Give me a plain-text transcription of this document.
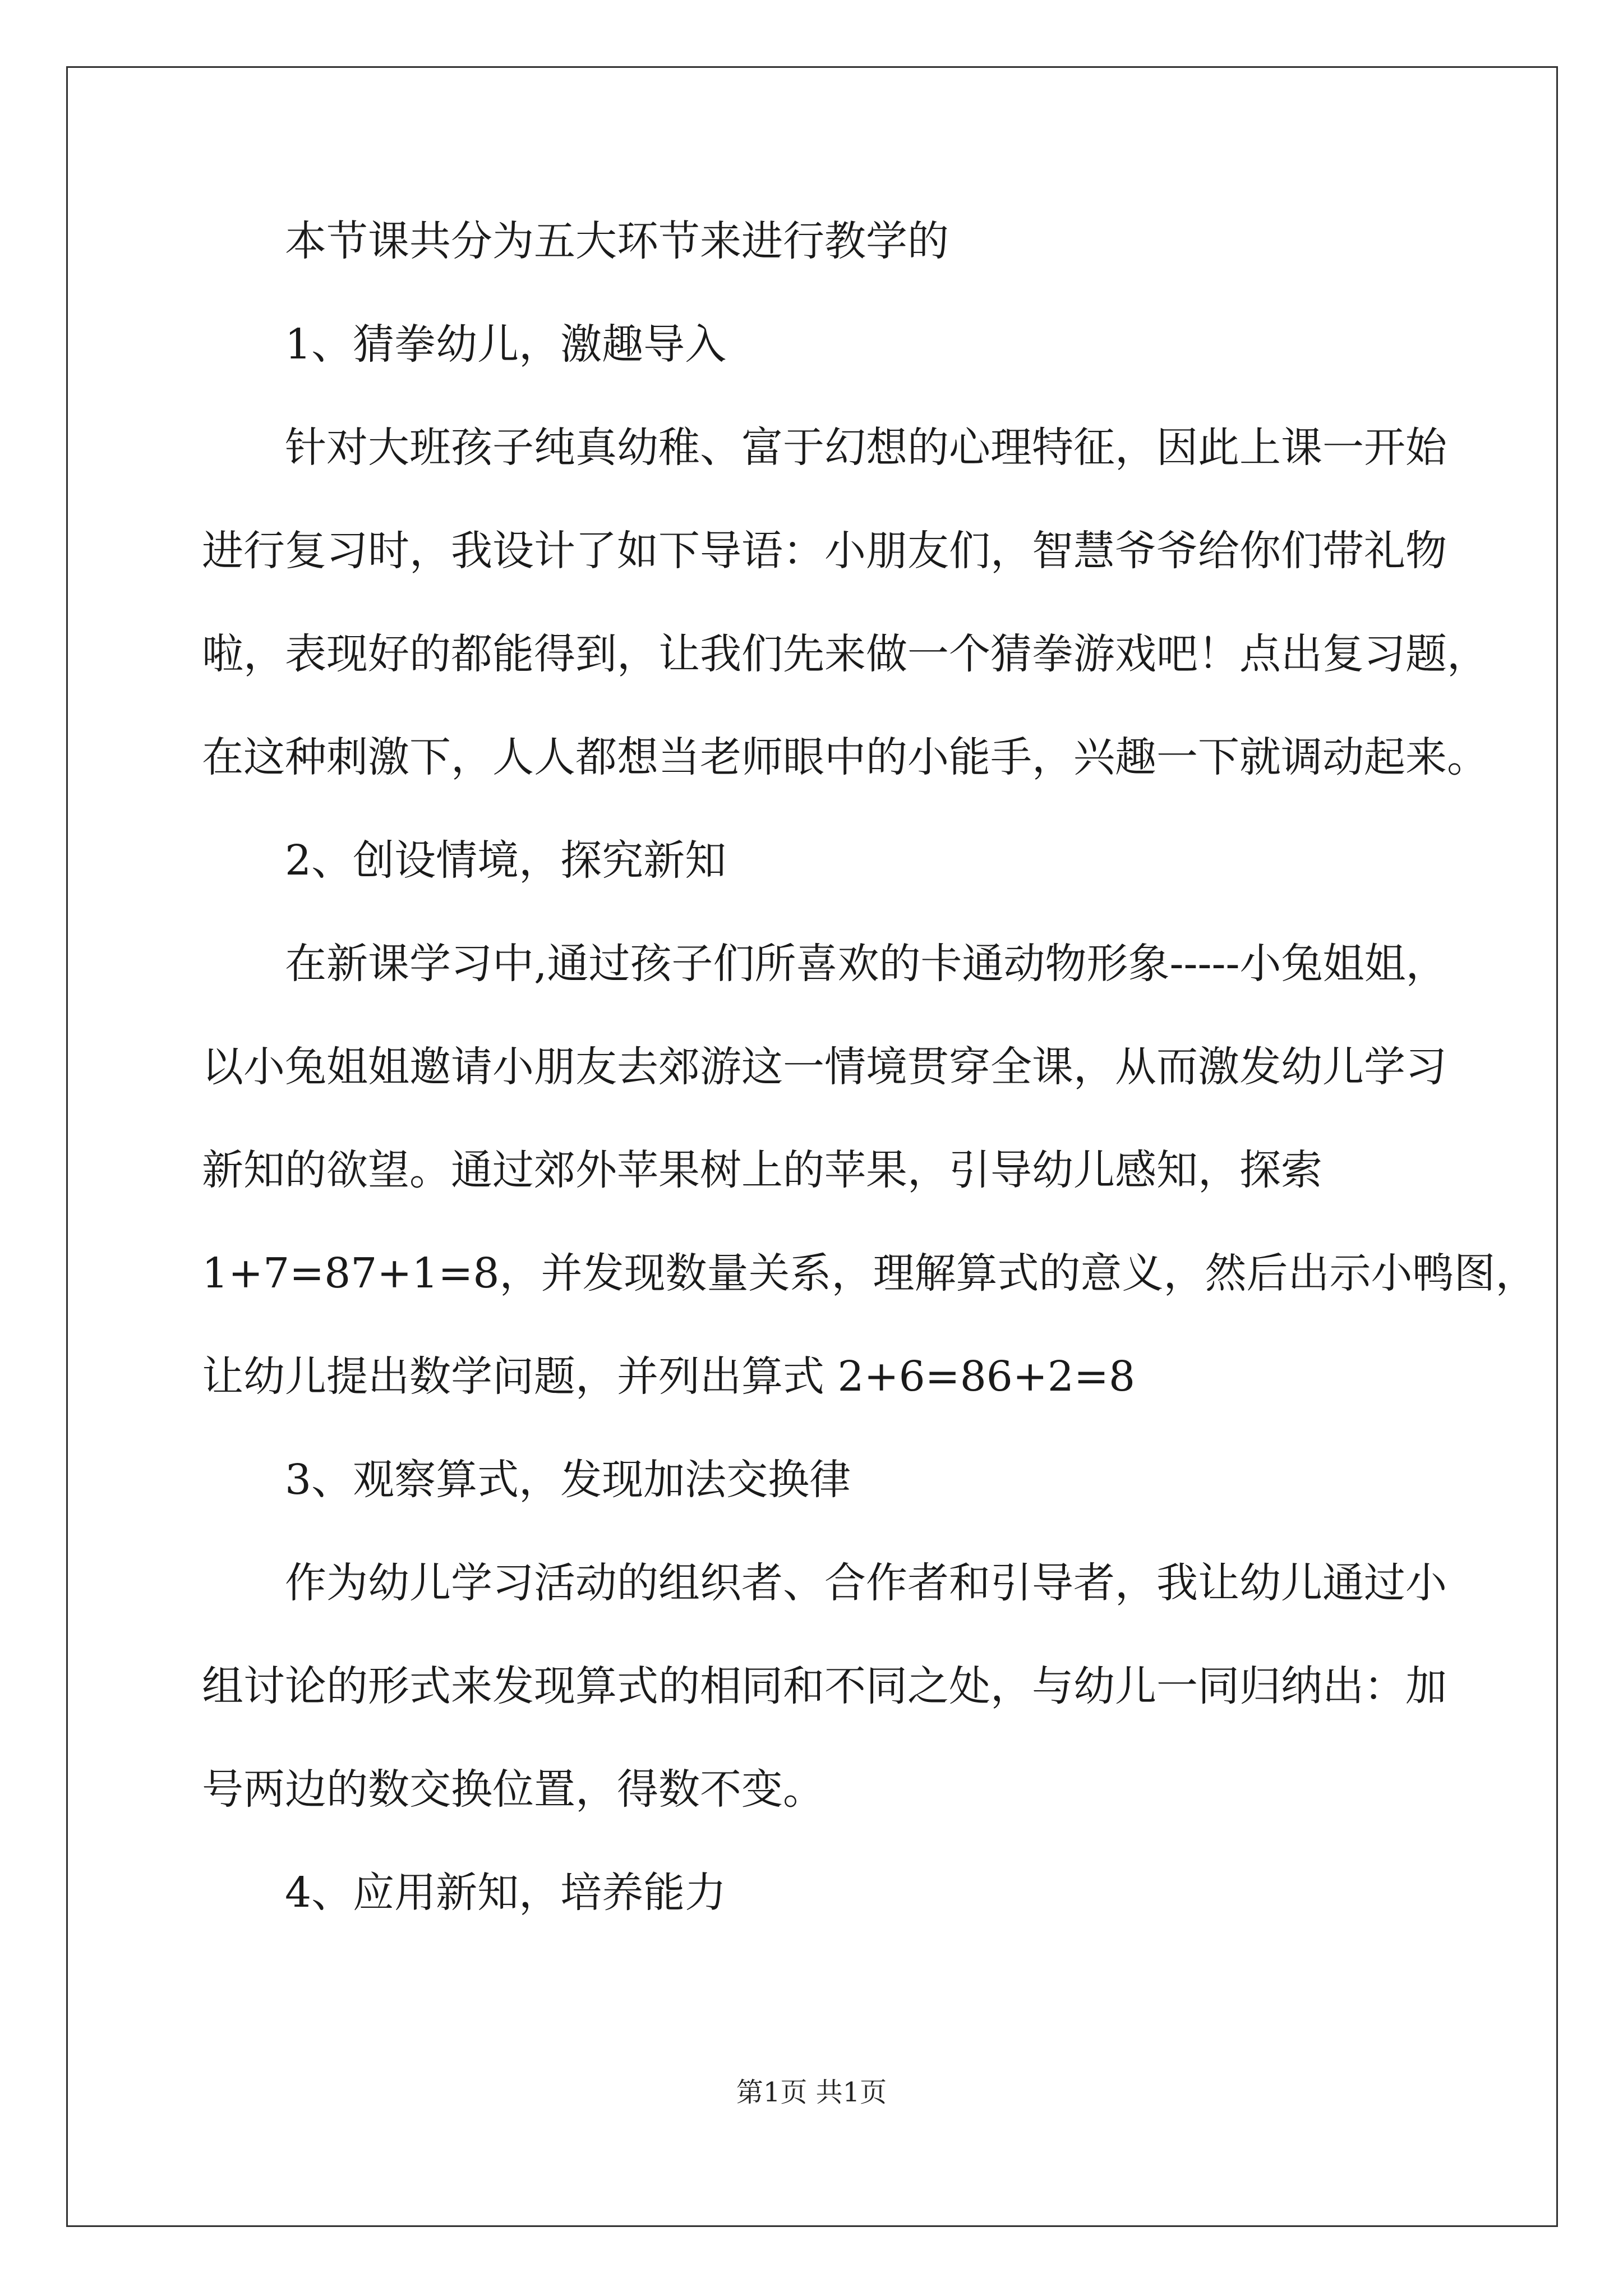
本节课共分为五大环节来进行教学的
1、猜拳幼儿，激趣导入
针对大班孩子纯真幼稚、富于幻想的心理特征，因此上课一开始
进行复习时，我设计了如下导语：小朋友们，智慧爷爷给你们带礼物
啦，表现好的都能得到，让我们先来做一个猜拳游戏吧！点出复习题，
在这种刺激下，人人都想当老师眼中的小能手，兴趣一下就调动起来。
2、创设情境，探究新知
在新课学习中,通过孩子们所喜欢的卡通动物形象-----小兔姐姐，
以小兔姐姐邀请小朋友去郊游这一情境贯穿全课，从而激发幼儿学习
新知的欲望。通过郊外苹果树上的苹果，引导幼儿感知，探索
1+7=87+1=8，并发现数量关系，理解算式的意义，然后出示小鸭图，
让幼儿提出数学问题，并列出算式 2+6=86+2=8
3、观察算式，发现加法交换律
作为幼儿学习活动的组织者、合作者和引导者，我让幼儿通过小
组讨论的形式来发现算式的相同和不同之处，与幼儿一同归纳出：加
号两边的数交换位置，得数不变。
4、应用新知，培养能力
第1页 共1页
